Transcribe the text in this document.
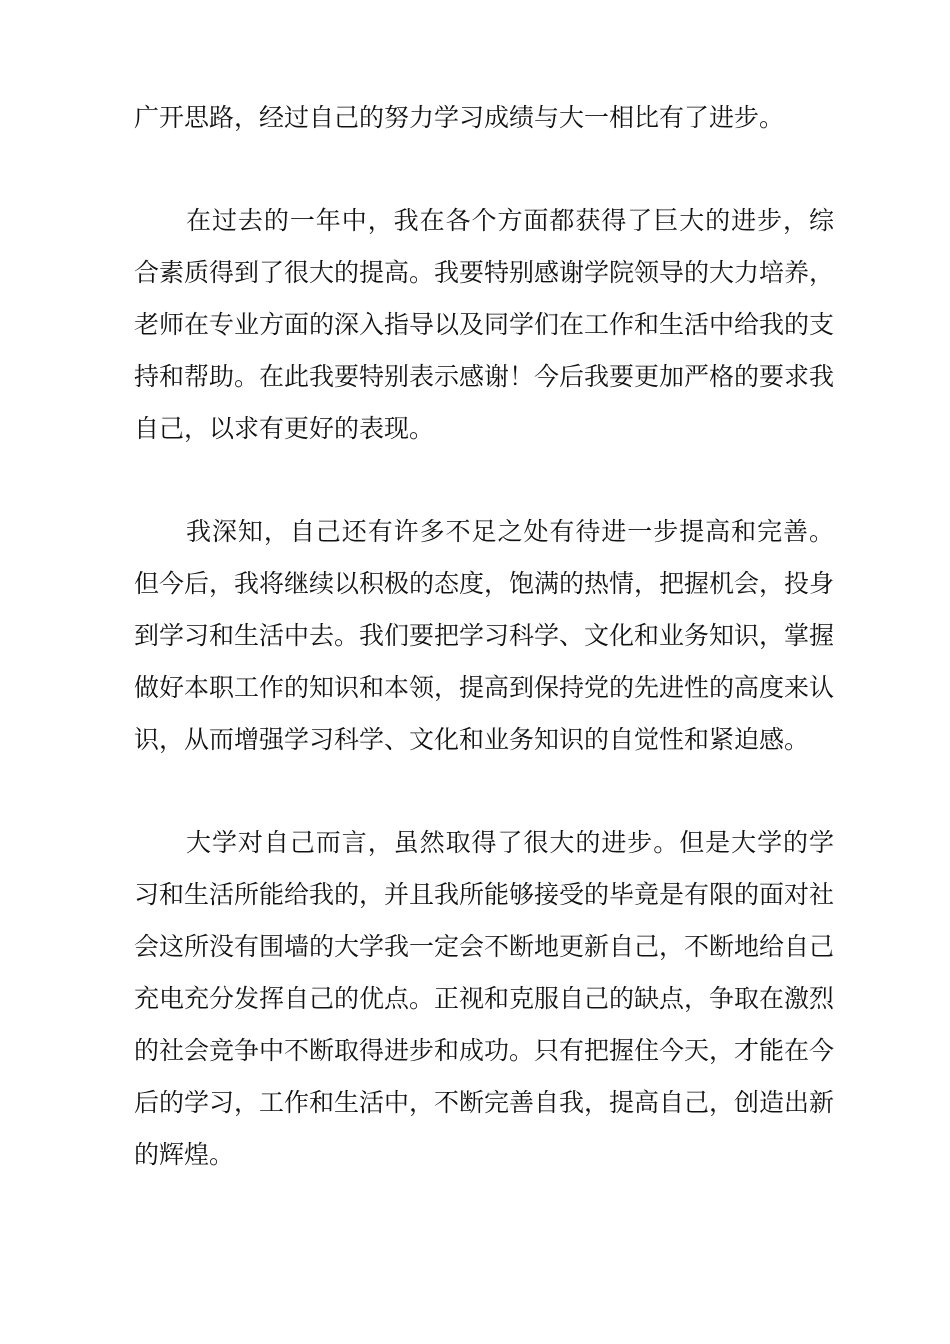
广开思路，经过自己的努力学习成绩与大一相比有了进步。

在过去的一年中，我在各个方面都获得了巨大的进步，综合素质得到了很大的提高。我要特别感谢学院领导的大力培养，老师在专业方面的深入指导以及同学们在工作和生活中给我的支持和帮助。在此我要特别表示感谢！今后我要更加严格的要求我自己，以求有更好的表现。

我深知，自己还有许多不足之处有待进一步提高和完善。但今后，我将继续以积极的态度，饱满的热情，把握机会，投身到学习和生活中去。我们要把学习科学、文化和业务知识，掌握做好本职工作的知识和本领，提高到保持党的先进性的高度来认识，从而增强学习科学、文化和业务知识的自觉性和紧迫感。

大学对自己而言，虽然取得了很大的进步。但是大学的学习和生活所能给我的，并且我所能够接受的毕竟是有限的面对社会这所没有围墙的大学我一定会不断地更新自己，不断地给自己充电充分发挥自己的优点。正视和克服自己的缺点，争取在激烈的社会竞争中不断取得进步和成功。只有把握住今天，才能在今后的学习，工作和生活中，不断完善自我，提高自己，创造出新的辉煌。
